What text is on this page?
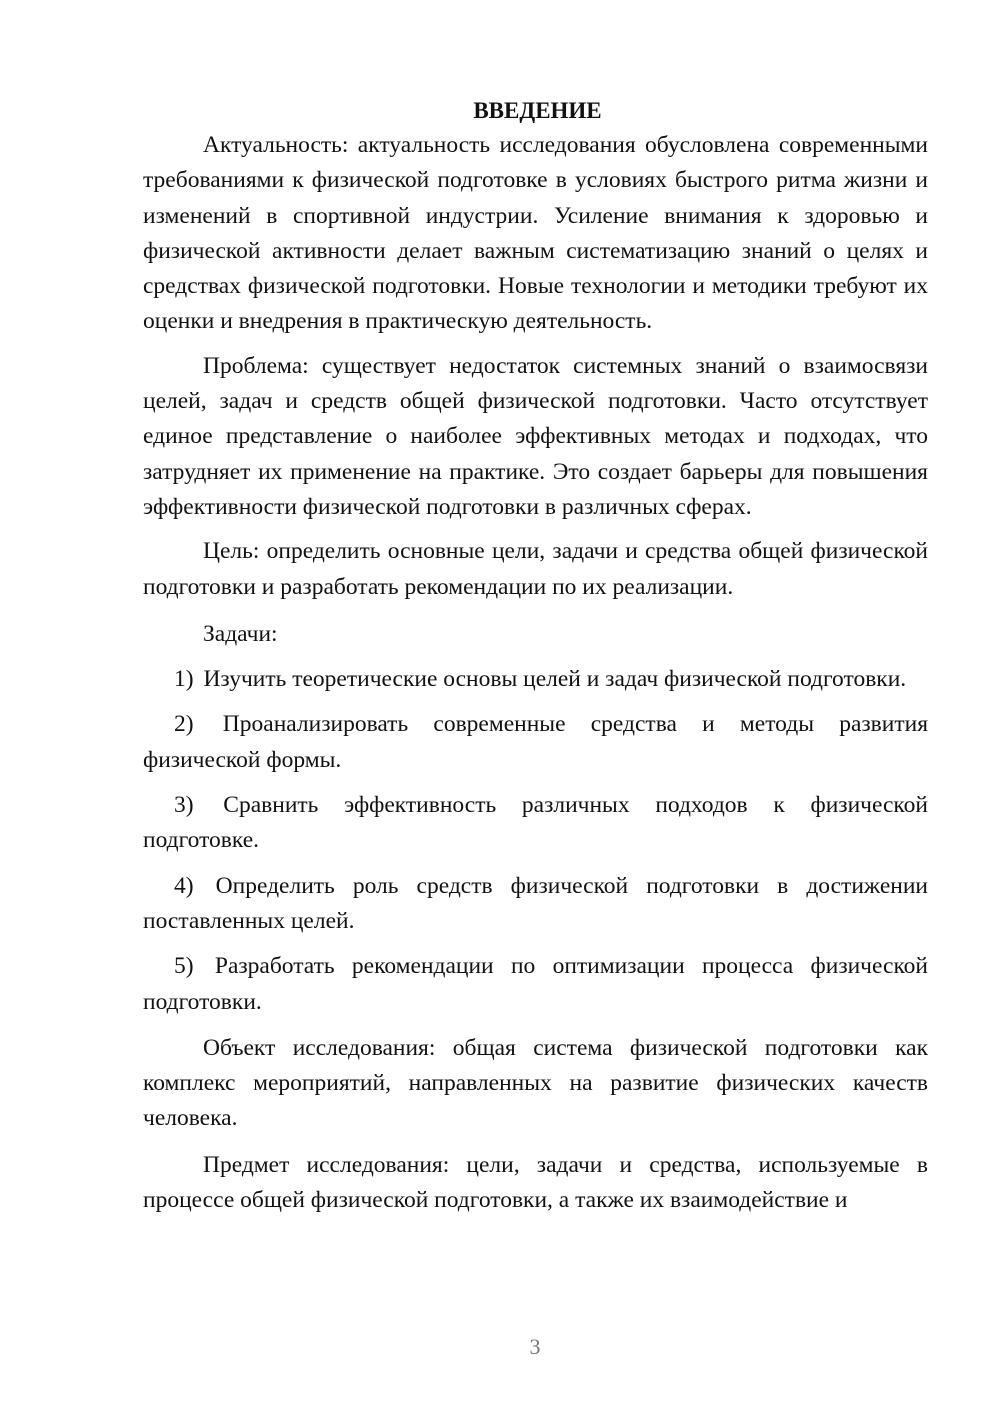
ВВЕДЕНИЕ

Актуальность: актуальность исследования обусловлена современными требованиями к физической подготовке в условиях быстрого ритма жизни и изменений в спортивной индустрии. Усиление внимания к здоровью и физической активности делает важным систематизацию знаний о целях и средствах физической подготовки. Новые технологии и методики требуют их оценки и внедрения в практическую деятельность.

Проблема: существует недостаток системных знаний о взаимосвязи целей, задач и средств общей физической подготовки. Часто отсутствует единое представление о наиболее эффективных методах и подходах, что затрудняет их применение на практике. Это создает барьеры для повышения эффективности физической подготовки в различных сферах.

Цель: определить основные цели, задачи и средства общей физической подготовки и разработать рекомендации по их реализации.

Задачи:

1) Изучить теоретические основы целей и задач физической подготовки.

2) Проанализировать современные средства и методы развития физической формы.

3) Сравнить эффективность различных подходов к физической подготовке.

4) Определить роль средств физической подготовки в достижении поставленных целей.

5) Разработать рекомендации по оптимизации процесса физической подготовки.

Объект исследования: общая система физической подготовки как комплекс мероприятий, направленных на развитие физических качеств человека.

Предмет исследования: цели, задачи и средства, используемые в процессе общей физической подготовки, а также их взаимодействие и

3
